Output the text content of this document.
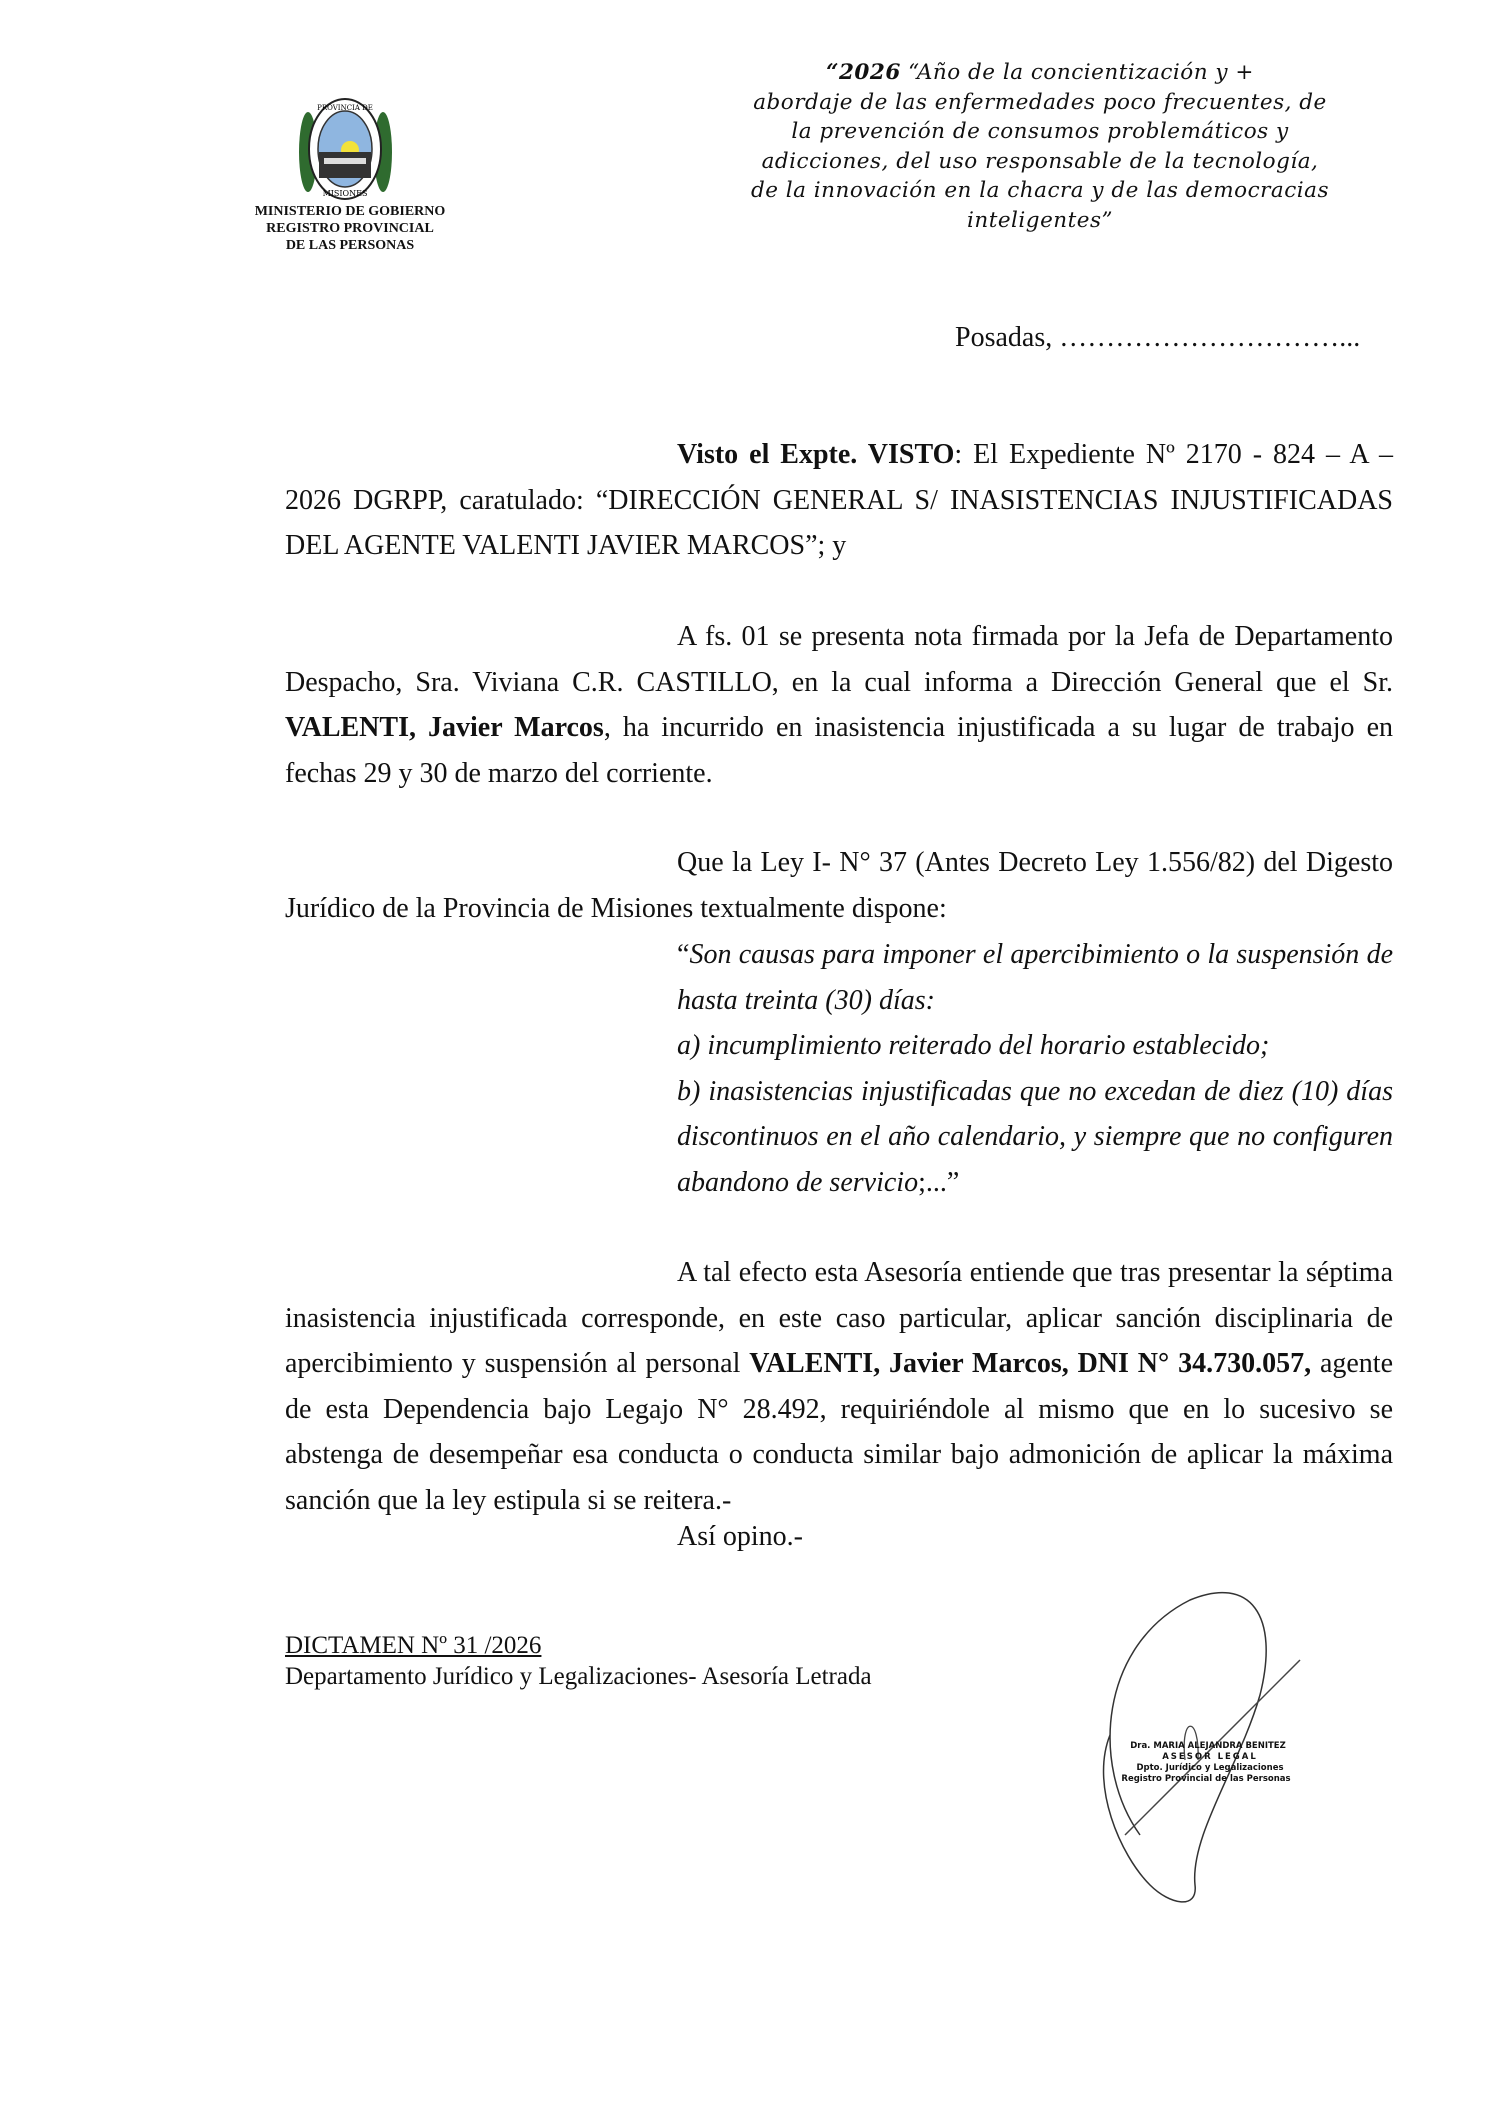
PROVINCIA DE
MISIONES
MINISTERIO DE GOBIERNO
REGISTRO PROVINCIAL
DE LAS PERSONAS
“2026 “Año de la concientización y +
abordaje de las enfermedades poco frecuentes, de
la prevención de consumos problemáticos y
adicciones, del uso responsable de la tecnología,
de la innovación en la chacra y de las democracias
inteligentes”
Posadas, …………………………...

Visto el Expte. VISTO: El Expediente Nº 2170 - 824 – A – 2026 DGRPP, caratulado: “DIRECCIÓN GENERAL S/ INASISTENCIAS INJUSTIFICADAS DEL AGENTE VALENTI JAVIER MARCOS”; y

A fs. 01 se presenta nota firmada por la Jefa de Departamento Despacho, Sra. Viviana C.R. CASTILLO, en la cual informa a Dirección General que el Sr. VALENTI, Javier Marcos, ha incurrido en inasistencia injustificada a su lugar de trabajo en fechas 29 y 30 de marzo del corriente.

Que la Ley I- N° 37 (Antes Decreto Ley 1.556/82) del Digesto Jurídico de la Provincia de Misiones textualmente dispone:

“Son causas para imponer el apercibimiento o la suspensión de hasta treinta (30) días:

a) incumplimiento reiterado del horario establecido;

b) inasistencias injustificadas que no excedan de diez (10) días discontinuos en el año calendario, y siempre que no configuren abandono de servicio;...”

A tal efecto esta Asesoría entiende que tras presentar la séptima inasistencia injustificada corresponde, en este caso particular, aplicar sanción disciplinaria de apercibimiento y suspensión al personal VALENTI, Javier Marcos, DNI N° 34.730.057, agente de esta Dependencia bajo Legajo N° 28.492, requiriéndole al mismo que en lo sucesivo se abstenga de desempeñar esa conducta o conducta similar bajo admonición de aplicar la máxima sanción que la ley estipula si se reitera.-

Así opino.-
DICTAMEN Nº 31 /2026
Departamento Jurídico y Legalizaciones- Asesoría Letrada
Dra. MARIA ALEJANDRA BENITEZ
ASESOR LEGAL
Dpto. Jurídico y Legalizaciones
Registro Provincial de las Personas
